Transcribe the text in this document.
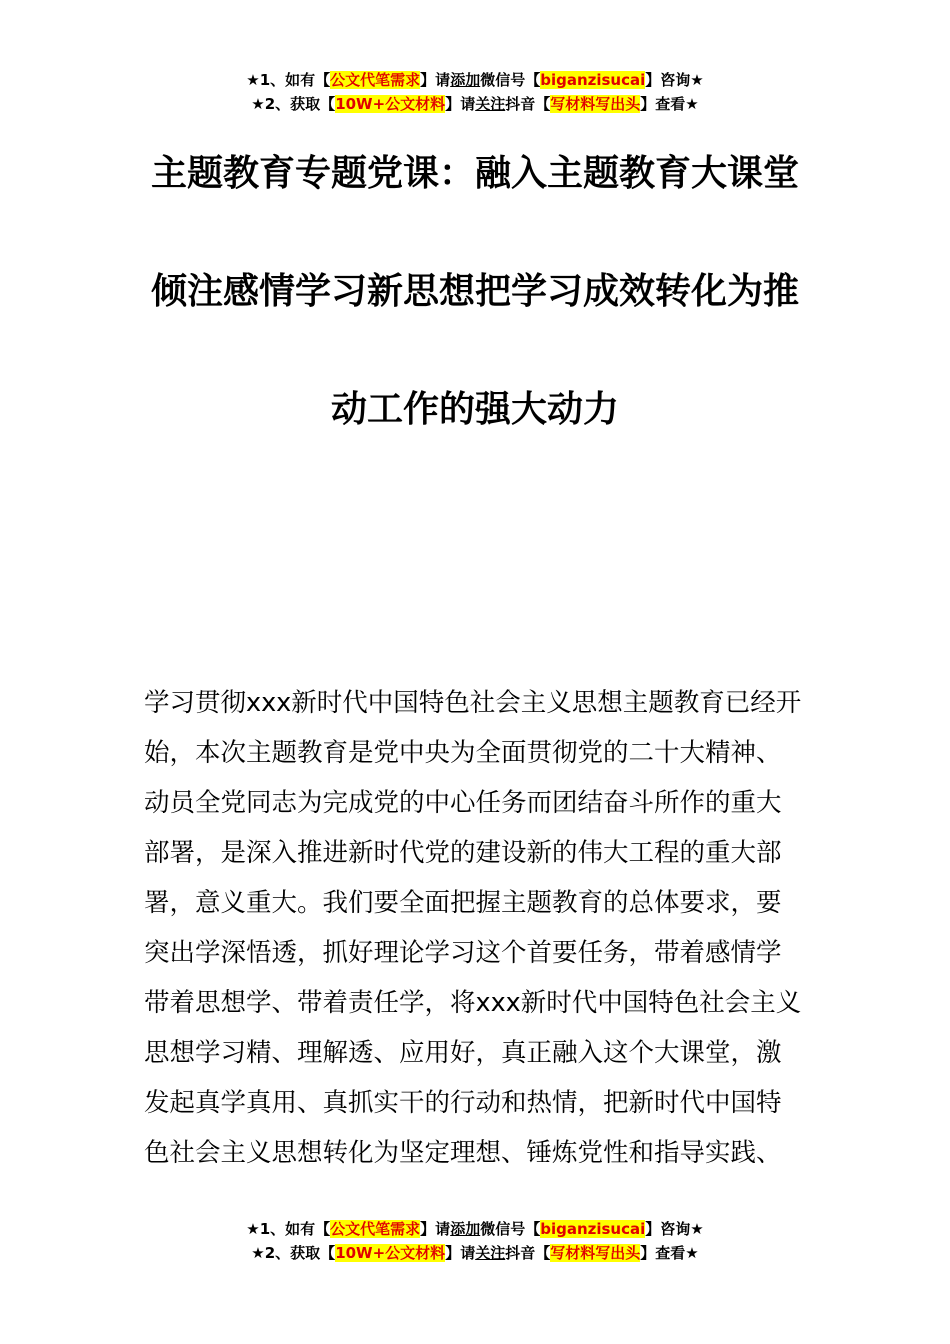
★1、如有【公文代笔需求】请添加微信号【biganzisucai】咨询★
★2、获取【10W+公文材料】请关注抖音【写材料写出头】查看★
主题教育专题党课：融入主题教育大课堂
倾注感情学习新思想把学习成效转化为推
动工作的强大动力
学习贯彻xxx新时代中国特色社会主义思想主题教育已经开
始，本次主题教育是党中央为全面贯彻党的二十大精神、
动员全党同志为完成党的中心任务而团结奋斗所作的重大
部署，是深入推进新时代党的建设新的伟大工程的重大部
署，意义重大。我们要全面把握主题教育的总体要求，要
突出学深悟透，抓好理论学习这个首要任务，带着感情学
带着思想学、带着责任学，将xxx新时代中国特色社会主义
思想学习精、理解透、应用好，真正融入这个大课堂，激
发起真学真用、真抓实干的行动和热情，把新时代中国特
色社会主义思想转化为坚定理想、锤炼党性和指导实践、
★1、如有【公文代笔需求】请添加微信号【biganzisucai】咨询★
★2、获取【10W+公文材料】请关注抖音【写材料写出头】查看★
